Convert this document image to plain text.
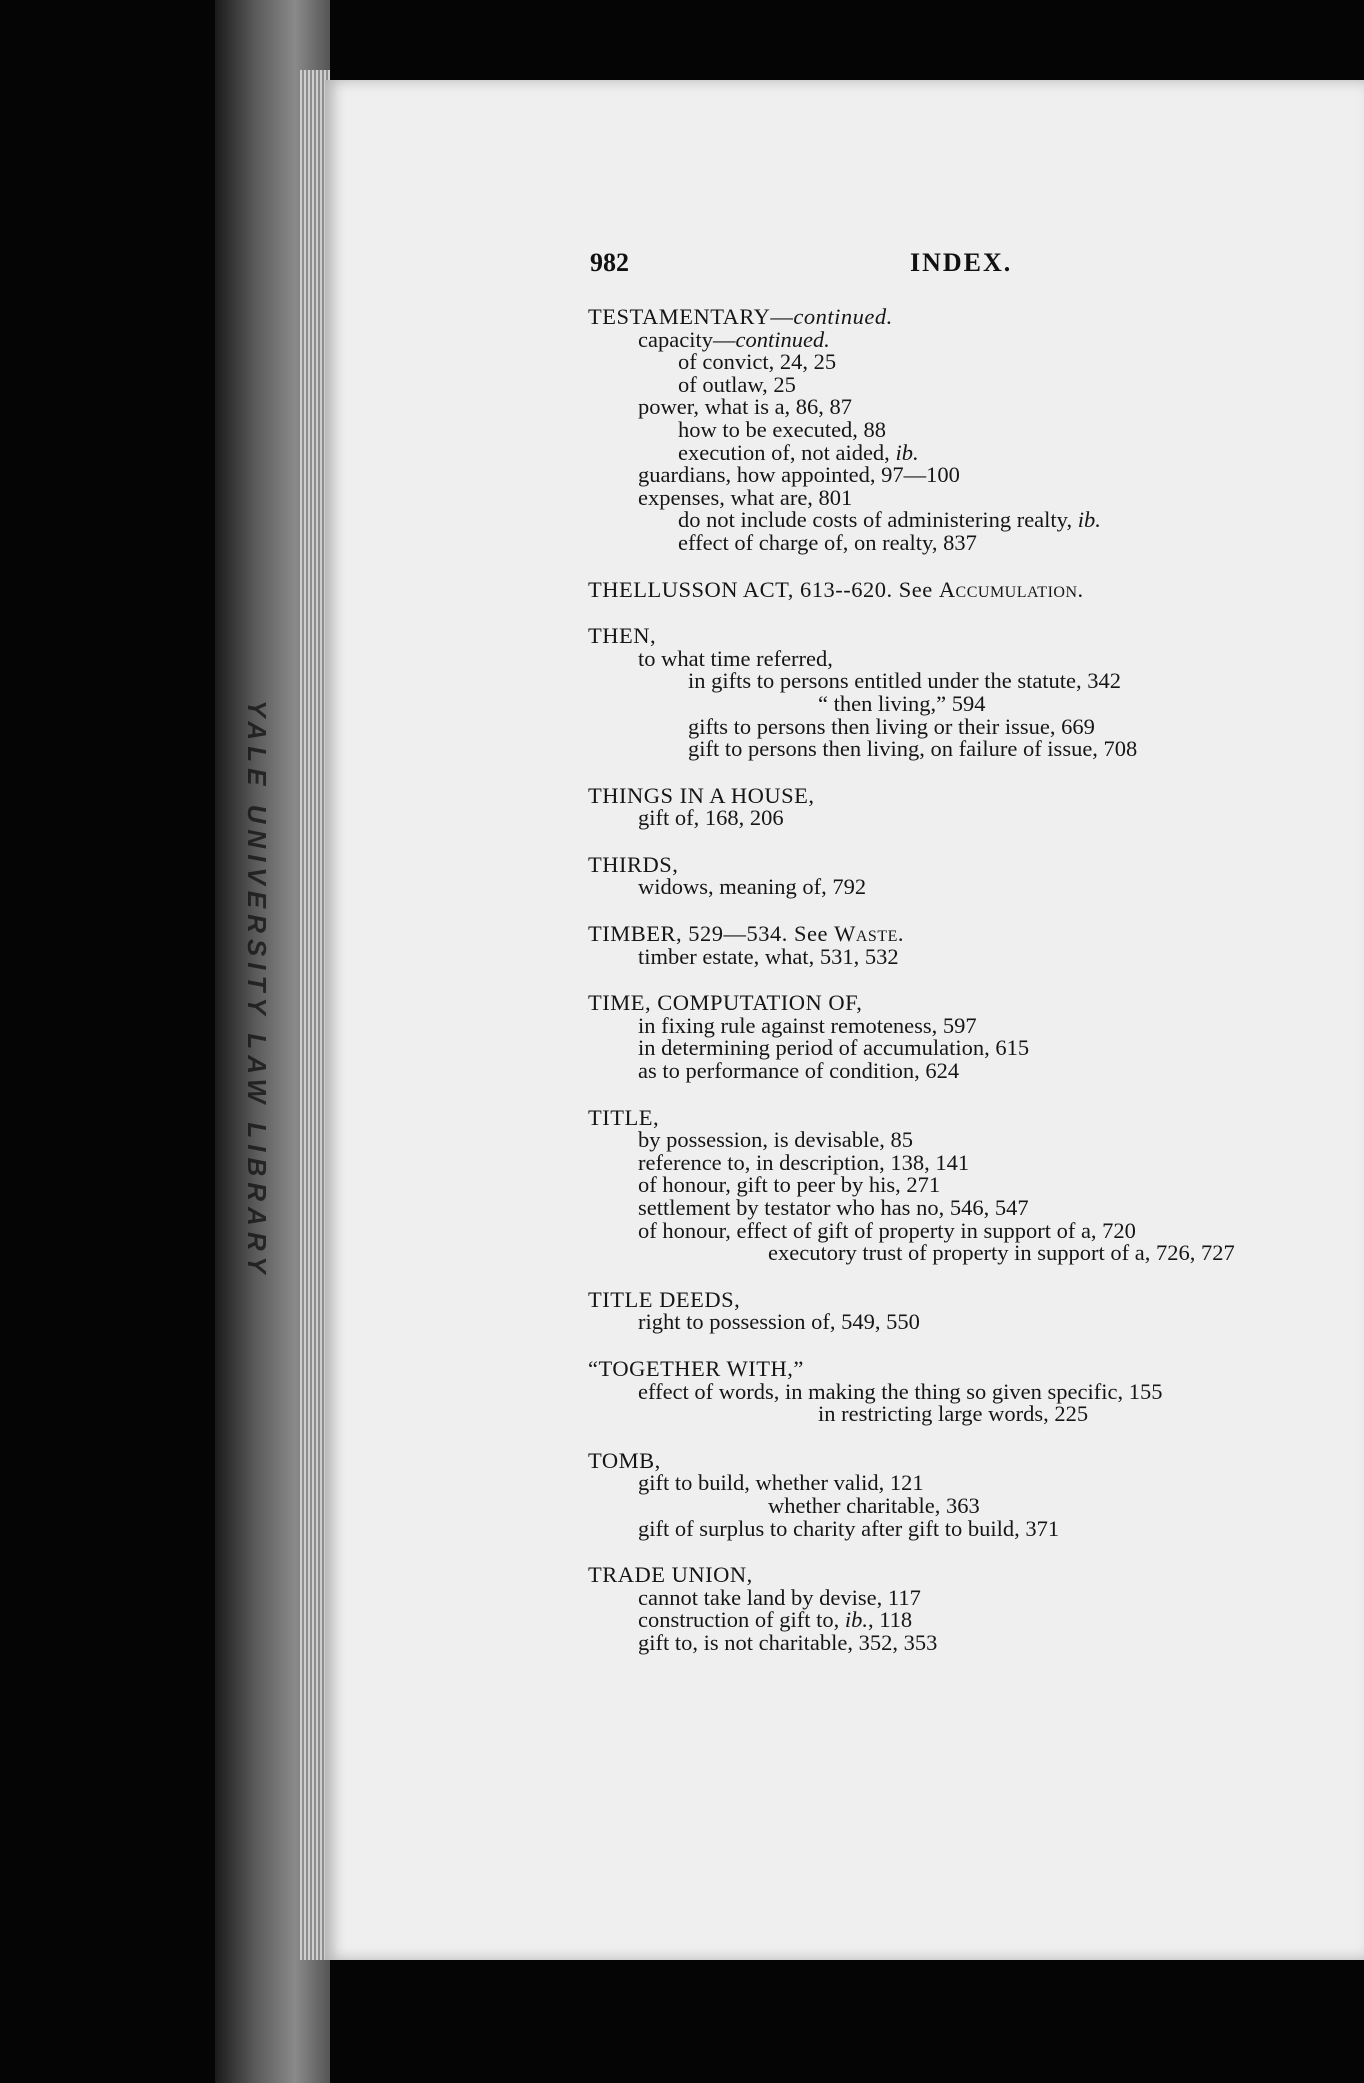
YALE UNIVERSITY LAW LIBRARY
982	INDEX.
TESTAMENTARY—continued.
capacity—continued.
of convict, 24, 25
of outlaw, 25
power, what is a, 86, 87
how to be executed, 88
execution of, not aided, ib.
guardians, how appointed, 97—100
expenses, what are, 801
do not include costs of administering realty, ib.
effect of charge of, on realty, 837
THELLUSSON ACT, 613--620. See Accumulation.
THEN,
to what time referred,
in gifts to persons entitled under the statute, 342
“ then living,” 594
gifts to persons then living or their issue, 669
gift to persons then living, on failure of issue, 708
THINGS IN A HOUSE,
gift of, 168, 206
THIRDS,
widows, meaning of, 792
TIMBER, 529—534. See Waste.
timber estate, what, 531, 532
TIME, COMPUTATION OF,
in fixing rule against remoteness, 597
in determining period of accumulation, 615
as to performance of condition, 624
TITLE,
by possession, is devisable, 85
reference to, in description, 138, 141
of honour, gift to peer by his, 271
settlement by testator who has no, 546, 547
of honour, effect of gift of property in support of a, 720
executory trust of property in support of a, 726, 727
TITLE DEEDS,
right to possession of, 549, 550
“TOGETHER WITH,”
effect of words, in making the thing so given specific, 155
in restricting large words, 225
TOMB,
gift to build, whether valid, 121
whether charitable, 363
gift of surplus to charity after gift to build, 371
TRADE UNION,
cannot take land by devise, 117
construction of gift to, ib., 118
gift to, is not charitable, 352, 353
